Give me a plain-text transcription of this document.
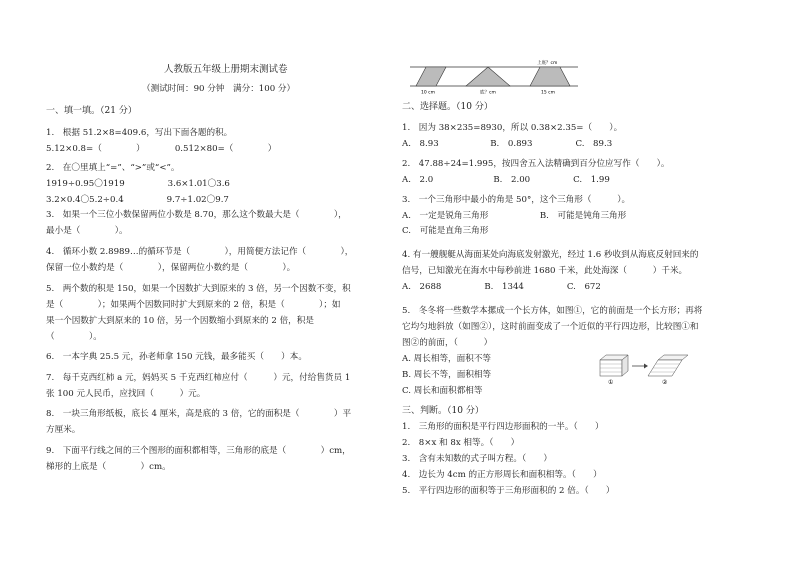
人教版五年级上册期末测试卷
（测试时间：90 分钟　满分：100 分）
一、填一填。（21 分）
1.　根据 51.2×8=409.6，写出下面各题的积。
5.12×0.8=（　　　　）　　　　0.512×80=（　　　　）
2.　在〇里填上“=”、“>”或“<”。
1919÷0.95〇1919　　　　　3.6×1.01〇3.6
3.2×0.4〇5.2÷0.4　　　　　9.7÷1.02〇9.7
3.　如果一个三位小数保留两位小数是 8.70，那么这个数最大是（　　　　），
最小是（　　　　）。
4.　循环小数 2.8989…的循环节是（　　　　），用简便方法记作（　　　　），
保留一位小数约是（　　　　），保留两位小数约是（　　　　）。
5.　两个数的积是 150，如果一个因数扩大到原来的 3 倍，另一个因数不变，积
是（　　　　）；如果两个因数同时扩大到原来的 2 倍，积是（　　　　）；如
果一个因数扩大到原来的 10 倍，另一个因数缩小到原来的 2 倍，积是
（　　　　）。
6.　一本字典 25.5 元，孙老师拿 150 元钱，最多能买（　　）本。
7.　每千克西红柿 a 元，妈妈买 5 千克西红柿应付（　　　）元，付给售货员 1
张 100 元人民币，应找回（　　　）元。
8.　一块三角形纸板，底长 4 厘米，高是底的 3 倍，它的面积是（　　　　）平
方厘米。
9.　下面平行线之间的三个图形的面积都相等，三角形的底是（　　　　）cm，
梯形的上底是（　　　　）cm。
10 cm	底？cm	15 cm
上底？cm
二、选择题。（10 分）
1.　因为 38×235=8930，所以 0.38×2.35=（　　）。
A.　8.93　　　　　　B.　0.893　　　　　C.　89.3
2.　47.88÷24=1.995，按四舍五入法精确到百分位应写作（　　）。
A.　2.0　　　　　　　B.　2.00　　　　　C.　1.99
3.　一个三角形中最小的角是 50°，这个三角形（　　　）。
A.　一定是锐角三角形　　　　　　B.　可能是钝角三角形
C.　可能是直角三角形
4. 有一艘舰艇从海面某处向海底发射激光，经过 1.6 秒收到从海底反射回来的
信号，已知激光在海水中每秒前进 1680 千米，此处海深（　　　）千米。
A.　2688　　　　　B.　1344　　　　　C.　672
5.　冬冬将一些数学本摞成一个长方体，如图①，它的前面是一个长方形；再将
它均匀地斜放（如图②），这时前面变成了一个近似的平行四边形，比较图①和
图②的前面，（　　　）
A. 周长相等，面积不等
B. 周长不等，面积相等
C. 周长和面积都相等
三、判断。（10 分）
1.　三角形的面积是平行四边形面积的一半。（　　）
2.　8×x 和 8x 相等。（　　）
3.　含有未知数的式子叫方程。（　　）
4.　边长为 4cm 的正方形周长和面积相等。（　　）
5.　平行四边形的面积等于三角形面积的 2 倍。（　　）
①	②
